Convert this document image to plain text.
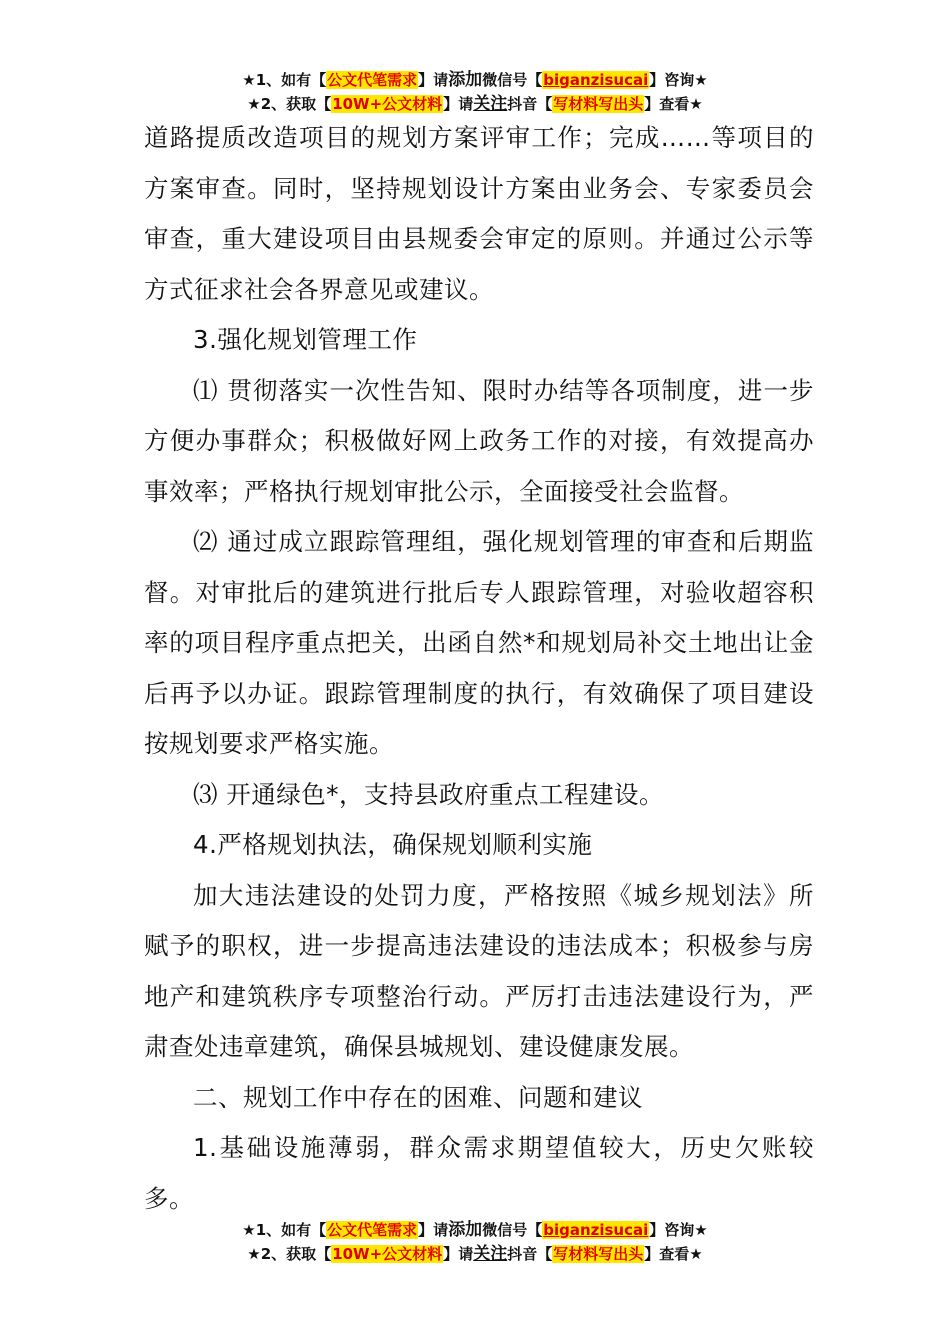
★1、如有【公文代笔需求】请添加微信号【biganzisucai】咨询★
★2、获取【10W+公文材料】请关注抖音【写材料写出头】查看★

道路提质改造项目的规划方案评审工作；完成……等项目的方案审查。同时，坚持规划设计方案由业务会、专家委员会审查，重大建设项目由县规委会审定的原则。并通过公示等方式征求社会各界意见或建议。

3.强化规划管理工作

⑴ 贯彻落实一次性告知、限时办结等各项制度，进一步方便办事群众；积极做好网上政务工作的对接，有效提高办事效率；严格执行规划审批公示，全面接受社会监督。

⑵ 通过成立跟踪管理组，强化规划管理的审查和后期监督。对审批后的建筑进行批后专人跟踪管理，对验收超容积率的项目程序重点把关，出函自然*和规划局补交土地出让金后再予以办证。跟踪管理制度的执行，有效确保了项目建设按规划要求严格实施。

⑶ 开通绿色*，支持县政府重点工程建设。

4.严格规划执法，确保规划顺利实施

加大违法建设的处罚力度，严格按照《城乡规划法》所赋予的职权，进一步提高违法建设的违法成本；积极参与房地产和建筑秩序专项整治行动。严厉打击违法建设行为，严肃查处违章建筑，确保县城规划、建设健康发展。

二、规划工作中存在的困难、问题和建议

1.基础设施薄弱，群众需求期望值较大，历史欠账较多。

★1、如有【公文代笔需求】请添加微信号【biganzisucai】咨询★
★2、获取【10W+公文材料】请关注抖音【写材料写出头】查看★
